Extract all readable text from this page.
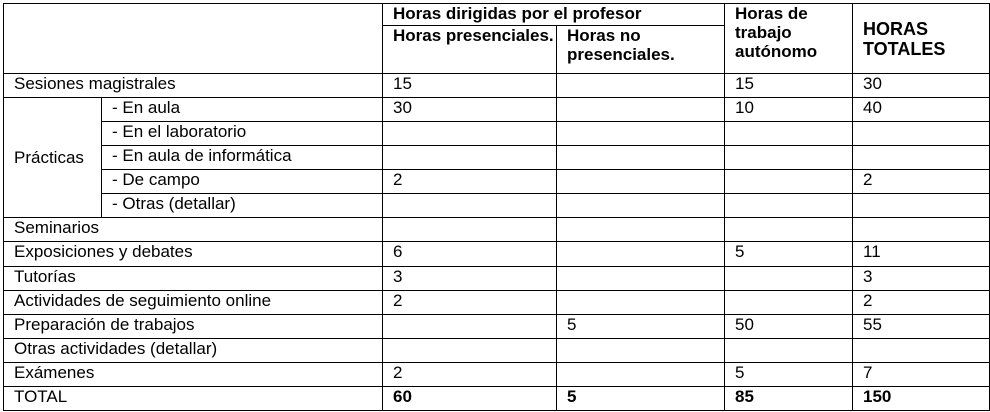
		Horas dirigidas por el profesor		Horas de trabajo autónomo	HORAS TOTALES
		Horas presenciales.	Horas no presenciales.		
Sesiones magistrales		15		15	30
Prácticas	- En aula	30		10	40
	- En el laboratorio				
	- En aula de informática				
	- De campo	2			2
	- Otras (detallar)				
Seminarios					
Exposiciones y debates		6		5	11
Tutorías		3			3
Actividades de seguimiento online		2			2
Preparación de trabajos			5	50	55
Otras actividades (detallar)					
Exámenes		2		5	7
TOTAL		60	5	85	150
